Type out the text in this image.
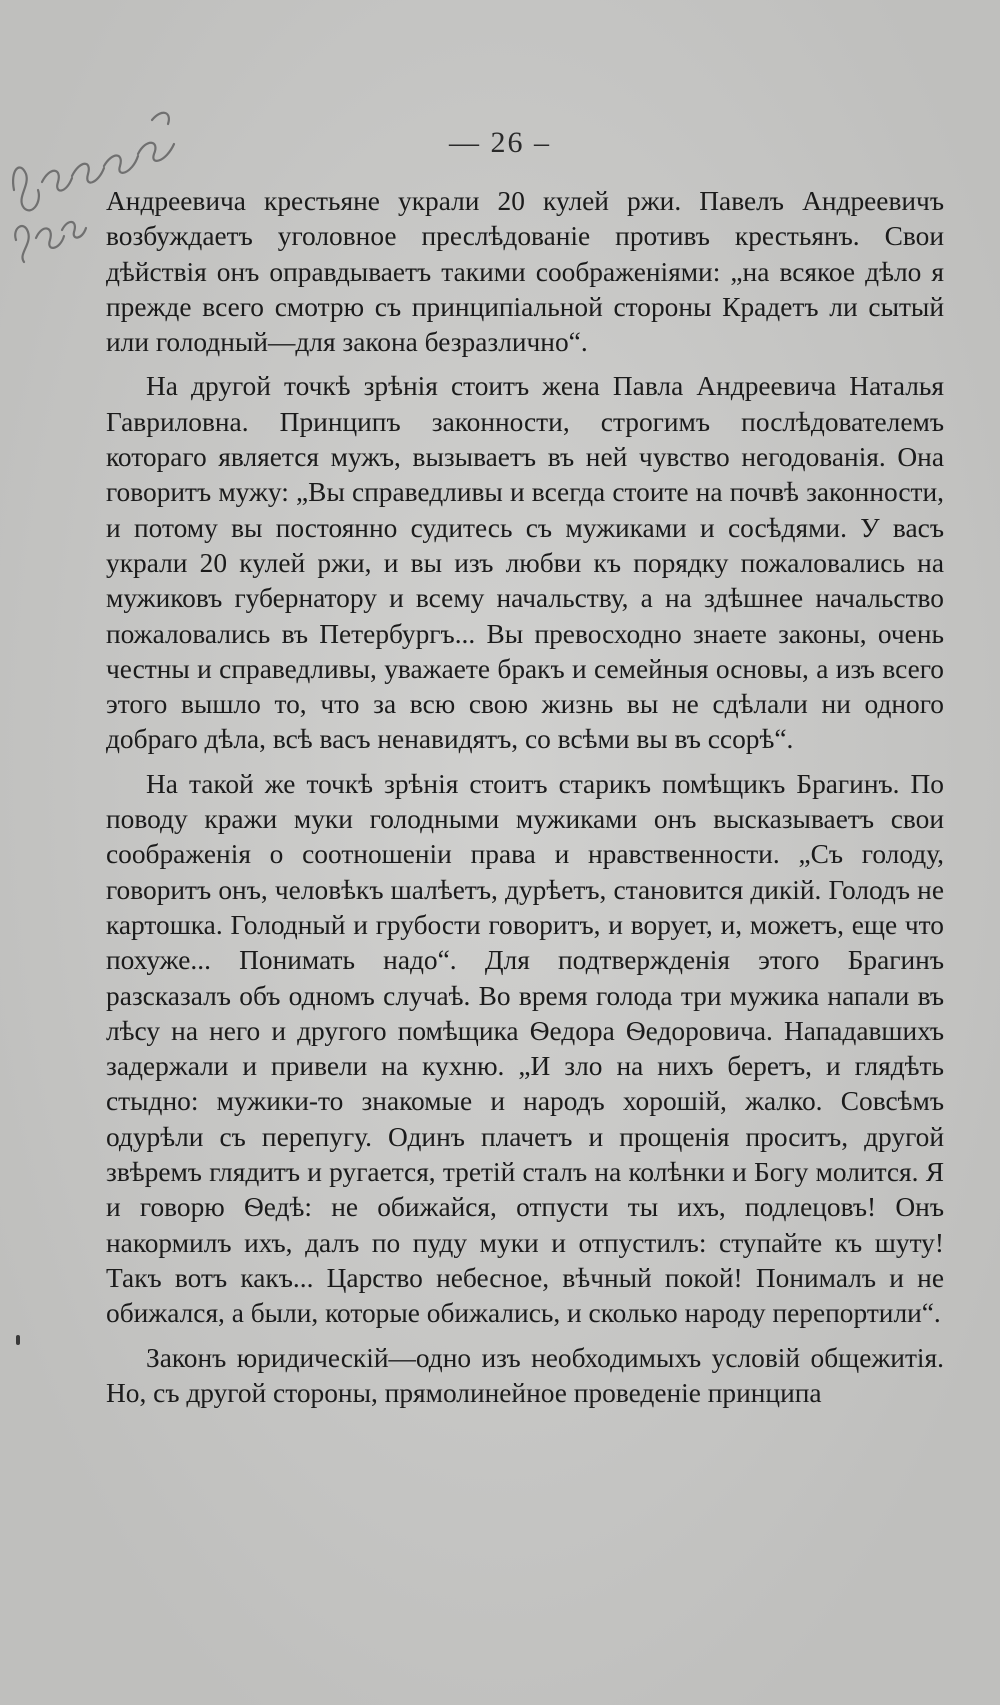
— 26 –

Андреевича крестьяне украли 20 кулей ржи. Павелъ Андреевичъ возбуждаетъ уголовное преслѣдованіе противъ крестьянъ. Свои дѣйствія онъ оправдываетъ такими соображеніями: „на всякое дѣло я прежде всего смотрю съ принципіальной стороны Крадетъ ли сытый или голодный—для закона безразлично“.

На другой точкѣ зрѣнія стоитъ жена Павла Андреевича Наталья Гавриловна. Принципъ законности, строгимъ послѣдователемъ котораго является мужъ, вызываетъ въ ней чувство негодованія. Она говоритъ мужу: „Вы справедливы и всегда стоите на почвѣ законности, и потому вы постоянно судитесь съ мужиками и сосѣдями. У васъ украли 20 кулей ржи, и вы изъ любви къ порядку пожаловались на мужиковъ губернатору и всему начальству, а на здѣшнее начальство пожаловались въ Петербургъ... Вы превосходно знаете законы, очень честны и справедливы, уважаете бракъ и семейныя основы, а изъ всего этого вышло то, что за всю свою жизнь вы не сдѣлали ни одного добраго дѣла, всѣ васъ ненавидятъ, со всѣми вы въ ссорѣ“.

На такой же точкѣ зрѣнія стоитъ старикъ помѣщикъ Брагинъ. По поводу кражи муки голодными мужиками онъ высказываетъ свои соображенія о соотношеніи права и нравственности. „Съ голоду, говоритъ онъ, человѣкъ шалѣетъ, дурѣетъ, становится дикій. Голодъ не картошка. Голодный и грубости говоритъ, и ворует, и, можетъ, еще что похуже... Понимать надо“. Для подтвержденія этого Брагинъ разсказалъ объ одномъ случаѣ. Во время голода три мужика напали въ лѣсу на него и другого помѣщика Ѳедора Ѳедоровича. Нападавшихъ задержали и привели на кухню. „И зло на нихъ беретъ, и глядѣть стыдно: мужики-то знакомые и народъ хорошій, жалко. Совсѣмъ одурѣли съ перепугу. Одинъ плачетъ и прощенія проситъ, другой звѣремъ глядитъ и ругается, третій сталъ на колѣнки и Богу молится. Я и говорю Ѳедѣ: не обижайся, отпусти ты ихъ, подлецовъ! Онъ накормилъ ихъ, далъ по пуду муки и отпустилъ: ступайте къ шуту! Такъ вотъ какъ... Царство небесное, вѣчный покой! Понималъ и не обижался, а были, которые обижались, и сколько народу перепортили“.

Законъ юридическій—одно изъ необходимыхъ условій общежитія. Но, съ другой стороны, прямолинейное проведеніе принципа
